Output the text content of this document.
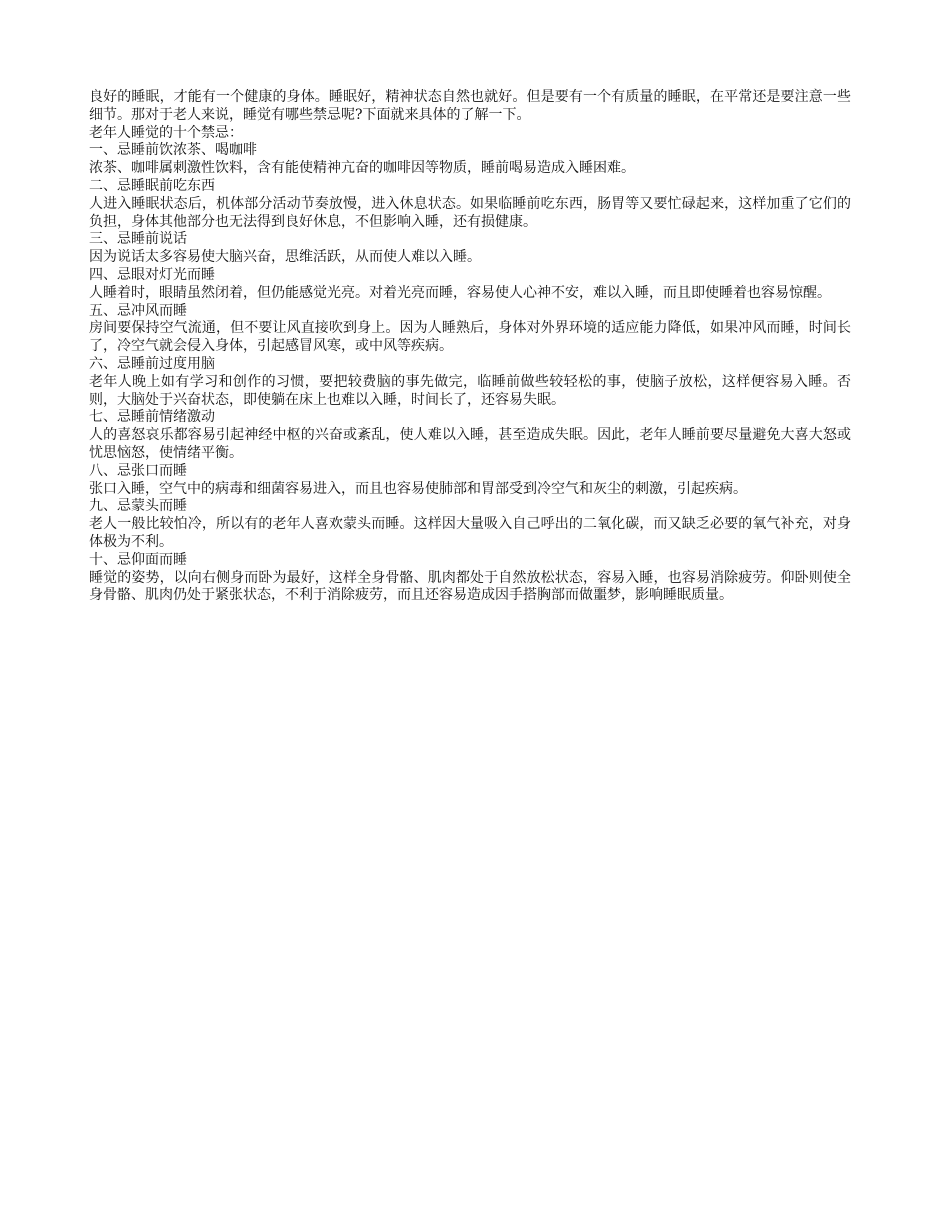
良好的睡眠，才能有一个健康的身体。睡眠好，精神状态自然也就好。但是要有一个有质量的睡眠，在平常还是要注意一些细节。那对于老人来说，睡觉有哪些禁忌呢?下面就来具体的了解一下。

老年人睡觉的十个禁忌：

一、忌睡前饮浓茶、喝咖啡

浓茶、咖啡属刺激性饮料，含有能使精神亢奋的咖啡因等物质，睡前喝易造成入睡困难。

二、忌睡眠前吃东西

人进入睡眠状态后，机体部分活动节奏放慢，进入休息状态。如果临睡前吃东西，肠胃等又要忙碌起来，这样加重了它们的负担，身体其他部分也无法得到良好休息，不但影响入睡，还有损健康。

三、忌睡前说话

因为说话太多容易使大脑兴奋，思维活跃，从而使人难以入睡。

四、忌眼对灯光而睡

人睡着时，眼睛虽然闭着，但仍能感觉光亮。对着光亮而睡，容易使人心神不安，难以入睡，而且即使睡着也容易惊醒。

五、忌冲风而睡

房间要保持空气流通，但不要让风直接吹到身上。因为人睡熟后，身体对外界环境的适应能力降低，如果冲风而睡，时间长了，冷空气就会侵入身体，引起感冒风寒，或中风等疾病。

六、忌睡前过度用脑

老年人晚上如有学习和创作的习惯，要把较费脑的事先做完，临睡前做些较轻松的事，使脑子放松，这样便容易入睡。否则，大脑处于兴奋状态，即使躺在床上也难以入睡，时间长了，还容易失眠。

七、忌睡前情绪激动

人的喜怒哀乐都容易引起神经中枢的兴奋或紊乱，使人难以入睡，甚至造成失眠。因此，老年人睡前要尽量避免大喜大怒或忧思恼怒，使情绪平衡。

八、忌张口而睡

张口入睡，空气中的病毒和细菌容易进入，而且也容易使肺部和胃部受到冷空气和灰尘的刺激，引起疾病。

九、忌蒙头而睡

老人一般比较怕冷，所以有的老年人喜欢蒙头而睡。这样因大量吸入自己呼出的二氧化碳，而又缺乏必要的氧气补充，对身体极为不利。

十、忌仰面而睡

睡觉的姿势，以向右侧身而卧为最好，这样全身骨骼、肌肉都处于自然放松状态，容易入睡，也容易消除疲劳。仰卧则使全身骨骼、肌肉仍处于紧张状态，不利于消除疲劳，而且还容易造成因手搭胸部而做噩梦，影响睡眠质量。
